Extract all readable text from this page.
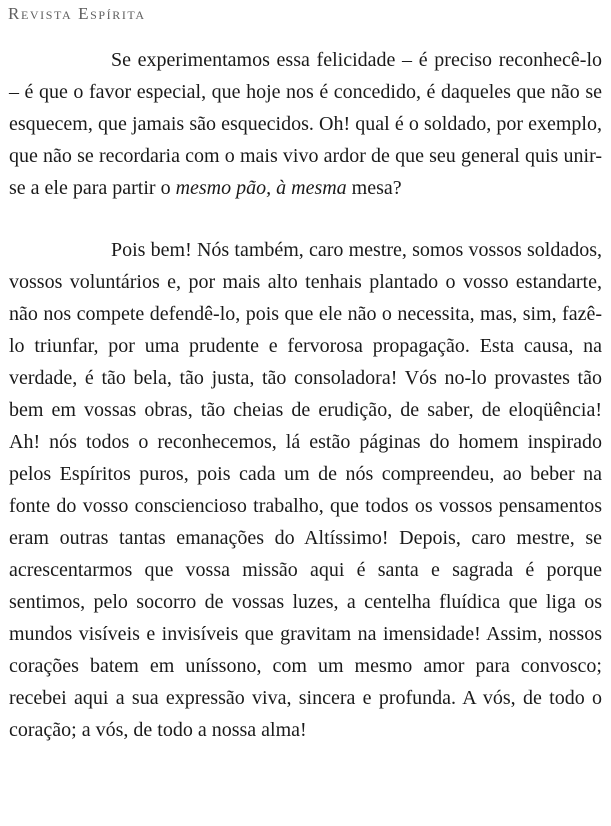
Revista Espírita

Se experimentamos essa felicidade – é preciso reconhecê-lo – é que o favor especial, que hoje nos é concedido, é daqueles que não se esquecem, que jamais são esquecidos. Oh! qual é o soldado, por exemplo, que não se recordaria com o mais vivo ardor de que seu general quis unir-se a ele para partir o mesmo pão, à mesma mesa?

Pois bem! Nós também, caro mestre, somos vossos soldados, vossos voluntários e, por mais alto tenhais plantado o vosso estandarte, não nos compete defendê-lo, pois que ele não o necessita, mas, sim, fazê-lo triunfar, por uma prudente e fervorosa propagação. Esta causa, na verdade, é tão bela, tão justa, tão consoladora! Vós no-lo provastes tão bem em vossas obras, tão cheias de erudição, de saber, de eloqüência! Ah! nós todos o reconhecemos, lá estão páginas do homem inspirado pelos Espíritos puros, pois cada um de nós compreendeu, ao beber na fonte do vosso consciencioso trabalho, que todos os vossos pensamentos eram outras tantas emanações do Altíssimo! Depois, caro mestre, se acrescentarmos que vossa missão aqui é santa e sagrada é porque sentimos, pelo socorro de vossas luzes, a centelha fluídica que liga os mundos visíveis e invisíveis que gravitam na imensidade! Assim, nossos corações batem em uníssono, com um mesmo amor para convosco; recebei aqui a sua expressão viva, sincera e profunda. A vós, de todo o coração; a vós, de todo a nossa alma!
